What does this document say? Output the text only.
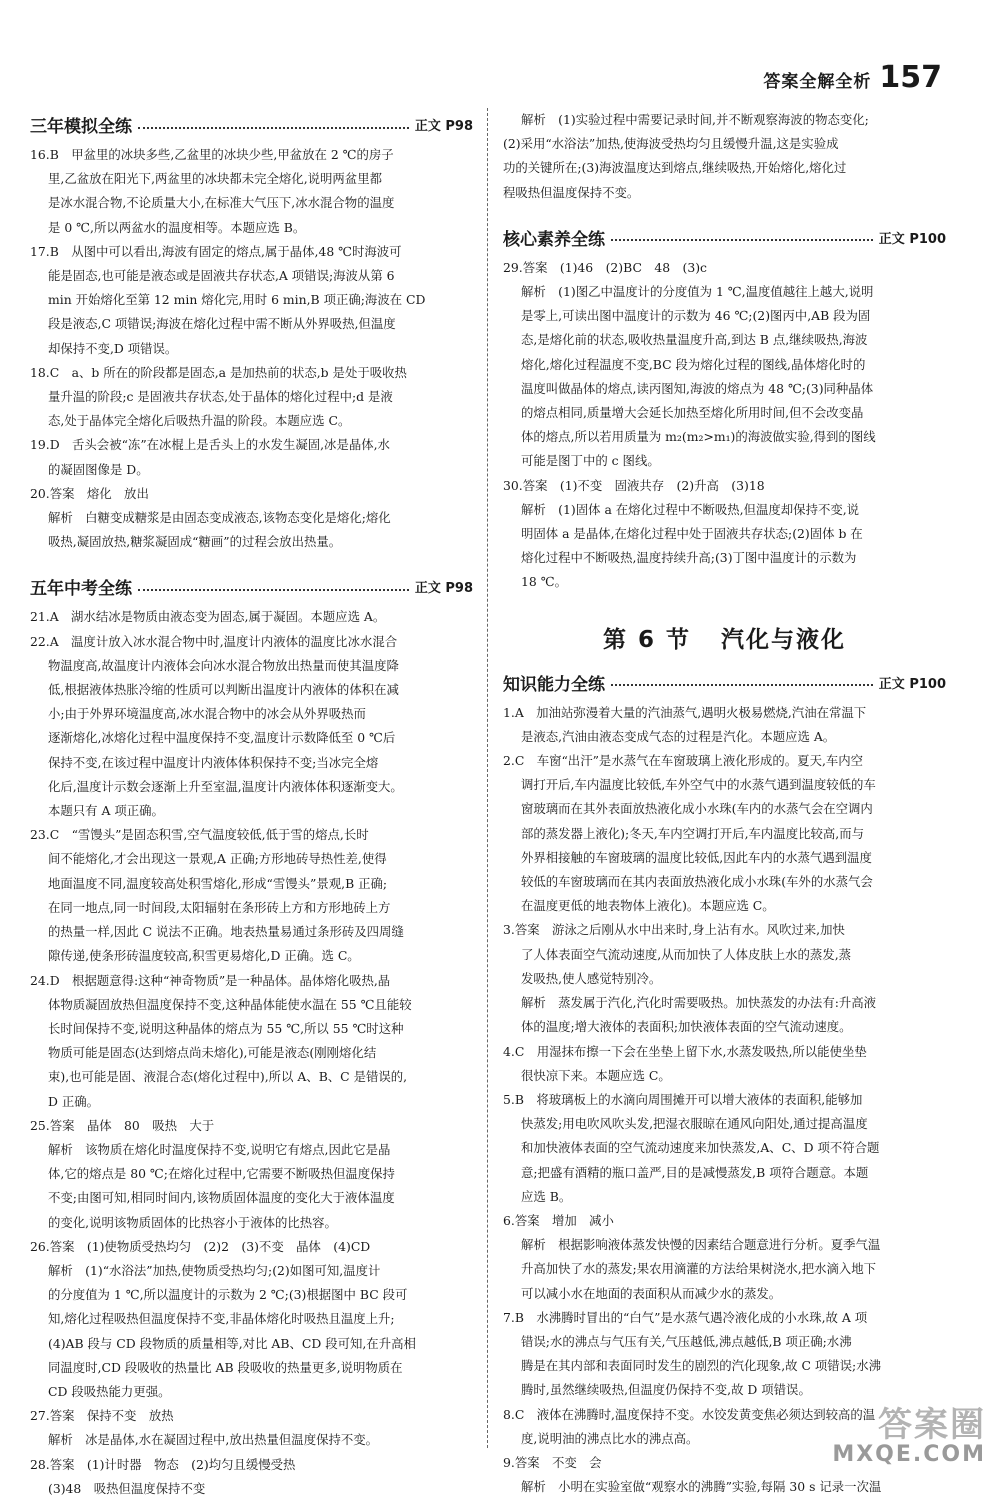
答案全解全析 157
三年模拟全练	正文 P98

16.B　甲盆里的冰块多些,乙盆里的冰块少些,甲盆放在 2 ℃的房子

里,乙盆放在阳光下,两盆里的冰块都未完全熔化,说明两盆里都

是冰水混合物,不论质量大小,在标准大气压下,冰水混合物的温度

是 0 ℃,所以两盆水的温度相等。本题应选 B。

17.B　从图中可以看出,海波有固定的熔点,属于晶体,48 ℃时海波可

能是固态,也可能是液态或是固液共存状态,A 项错误;海波从第 6

min 开始熔化至第 12 min 熔化完,用时 6 min,B 项正确;海波在 CD

段是液态,C 项错误;海波在熔化过程中需不断从外界吸热,但温度

却保持不变,D 项错误。

18.C　a、b 所在的阶段都是固态,a 是加热前的状态,b 是处于吸收热

量升温的阶段;c 是固液共存状态,处于晶体的熔化过程中;d 是液

态,处于晶体完全熔化后吸热升温的阶段。本题应选 C。

19.D　舌头会被“冻”在冰棍上是舌头上的水发生凝固,冰是晶体,水

的凝固图像是 D。

20.答案　熔化　放出

解析　白糖变成糖浆是由固态变成液态,该物态变化是熔化;熔化

吸热,凝固放热,糖浆凝固成“糖画”的过程会放出热量。

五年中考全练	正文 P98

21.A　湖水结冰是物质由液态变为固态,属于凝固。本题应选 A。

22.A　温度计放入冰水混合物中时,温度计内液体的温度比冰水混合

物温度高,故温度计内液体会向冰水混合物放出热量而使其温度降

低,根据液体热胀冷缩的性质可以判断出温度计内液体的体积在减

小;由于外界环境温度高,冰水混合物中的冰会从外界吸热而

逐渐熔化,冰熔化过程中温度保持不变,温度计示数降低至 0 ℃后

保持不变,在该过程中温度计内液体体积保持不变;当冰完全熔

化后,温度计示数会逐渐上升至室温,温度计内液体体积逐渐变大。

本题只有 A 项正确。

23.C　“雪馒头”是固态积雪,空气温度较低,低于雪的熔点,长时

间不能熔化,才会出现这一景观,A 正确;方形地砖导热性差,使得

地面温度不同,温度较高处积雪熔化,形成“雪馒头”景观,B 正确;

在同一地点,同一时间段,太阳辐射在条形砖上方和方形地砖上方

的热量一样,因此 C 说法不正确。地表热量易通过条形砖及四周缝

隙传递,使条形砖温度较高,积雪更易熔化,D 正确。选 C。

24.D　根据题意得:这种“神奇物质”是一种晶体。晶体熔化吸热,晶

体物质凝固放热但温度保持不变,这种晶体能使水温在 55 ℃且能较

长时间保持不变,说明这种晶体的熔点为 55 ℃,所以 55 ℃时这种

物质可能是固态(达到熔点尚未熔化),可能是液态(刚刚熔化结

束),也可能是固、液混合态(熔化过程中),所以 A、B、C 是错误的,

D 正确。

25.答案　晶体　80　吸热　大于

解析　该物质在熔化时温度保持不变,说明它有熔点,因此它是晶

体,它的熔点是 80 ℃;在熔化过程中,它需要不断吸热但温度保持

不变;由图可知,相同时间内,该物质固体温度的变化大于液体温度

的变化,说明该物质固体的比热容小于液体的比热容。

26.答案　(1)使物质受热均匀　(2)2　(3)不变　晶体　(4)CD

解析　(1)“水浴法”加热,使物质受热均匀;(2)如图可知,温度计

的分度值为 1 ℃,所以温度计的示数为 2 ℃;(3)根据图中 BC 段可

知,熔化过程吸热但温度保持不变,非晶体熔化时吸热且温度上升;

(4)AB 段与 CD 段物质的质量相等,对比 AB、CD 段可知,在升高相

同温度时,CD 段吸收的热量比 AB 段吸收的热量更多,说明物质在

CD 段吸热能力更强。

27.答案　保持不变　放热

解析　冰是晶体,水在凝固过程中,放出热量但温度保持不变。

28.答案　(1)计时器　物态　(2)均匀且缓慢受热

(3)48　吸热但温度保持不变

解析　(1)实验过程中需要记录时间,并不断观察海波的物态变化;

(2)采用“水浴法”加热,使海波受热均匀且缓慢升温,这是实验成

功的关键所在;(3)海波温度达到熔点,继续吸热,开始熔化,熔化过

程吸热但温度保持不变。

核心素养全练	正文 P100

29.答案　(1)46　(2)BC　48　(3)c

解析　(1)图乙中温度计的分度值为 1 ℃,温度值越往上越大,说明

是零上,可读出图中温度计的示数为 46 ℃;(2)图丙中,AB 段为固

态,是熔化前的状态,吸收热量温度升高,到达 B 点,继续吸热,海波

熔化,熔化过程温度不变,BC 段为熔化过程的图线,晶体熔化时的

温度叫做晶体的熔点,读丙图知,海波的熔点为 48 ℃;(3)同种晶体

的熔点相同,质量增大会延长加热至熔化所用时间,但不会改变晶

体的熔点,所以若用质量为 m₂(m₂>m₁)的海波做实验,得到的图线

可能是图丁中的 c 图线。

30.答案　(1)不变　固液共存　(2)升高　(3)18

解析　(1)固体 a 在熔化过程中不断吸热,但温度却保持不变,说

明固体 a 是晶体,在熔化过程中处于固液共存状态;(2)固体 b 在

熔化过程中不断吸热,温度持续升高;(3)丁图中温度计的示数为

18 ℃。

第 6 节 汽化与液化
知识能力全练	正文 P100

1.A　加油站弥漫着大量的汽油蒸气,遇明火极易燃烧,汽油在常温下

是液态,汽油由液态变成气态的过程是汽化。本题应选 A。

2.C　车窗“出汗”是水蒸气在车窗玻璃上液化形成的。夏天,车内空

调打开后,车内温度比较低,车外空气中的水蒸气遇到温度较低的车

窗玻璃而在其外表面放热液化成小水珠(车内的水蒸气会在空调内

部的蒸发器上液化);冬天,车内空调打开后,车内温度比较高,而与

外界相接触的车窗玻璃的温度比较低,因此车内的水蒸气遇到温度

较低的车窗玻璃而在其内表面放热液化成小水珠(车外的水蒸气会

在温度更低的地表物体上液化)。本题应选 C。

3.答案　游泳之后刚从水中出来时,身上沾有水。风吹过来,加快

了人体表面空气流动速度,从而加快了人体皮肤上水的蒸发,蒸

发吸热,使人感觉特别冷。

解析　蒸发属于汽化,汽化时需要吸热。加快蒸发的办法有:升高液

体的温度;增大液体的表面积;加快液体表面的空气流动速度。

4.C　用湿抹布擦一下会在坐垫上留下水,水蒸发吸热,所以能使坐垫

很快凉下来。本题应选 C。

5.B　将玻璃板上的水滴向周围摊开可以增大液体的表面积,能够加

快蒸发;用电吹风吹头发,把湿衣服晾在通风向阳处,通过提高温度

和加快液体表面的空气流动速度来加快蒸发,A、C、D 项不符合题

意;把盛有酒精的瓶口盖严,目的是减慢蒸发,B 项符合题意。本题

应选 B。

6.答案　增加　减小

解析　根据影响液体蒸发快慢的因素结合题意进行分析。夏季气温

升高加快了水的蒸发;果农用滴灌的方法给果树浇水,把水滴入地下

可以减小水在地面的表面积从而减少水的蒸发。

7.B　水沸腾时冒出的“白气”是水蒸气遇冷液化成的小水珠,故 A 项

错误;水的沸点与气压有关,气压越低,沸点越低,B 项正确;水沸

腾是在其内部和表面同时发生的剧烈的汽化现象,故 C 项错误;水沸

腾时,虽然继续吸热,但温度仍保持不变,故 D 项错误。

8.C　液体在沸腾时,温度保持不变。水饺发黄变焦必须达到较高的温

度,说明油的沸点比水的沸点高。

9.答案　不变　会

解析　小明在实验室做“观察水的沸腾”实验,每隔 30 s 记录一次温

答案圈
MXQE.COM
